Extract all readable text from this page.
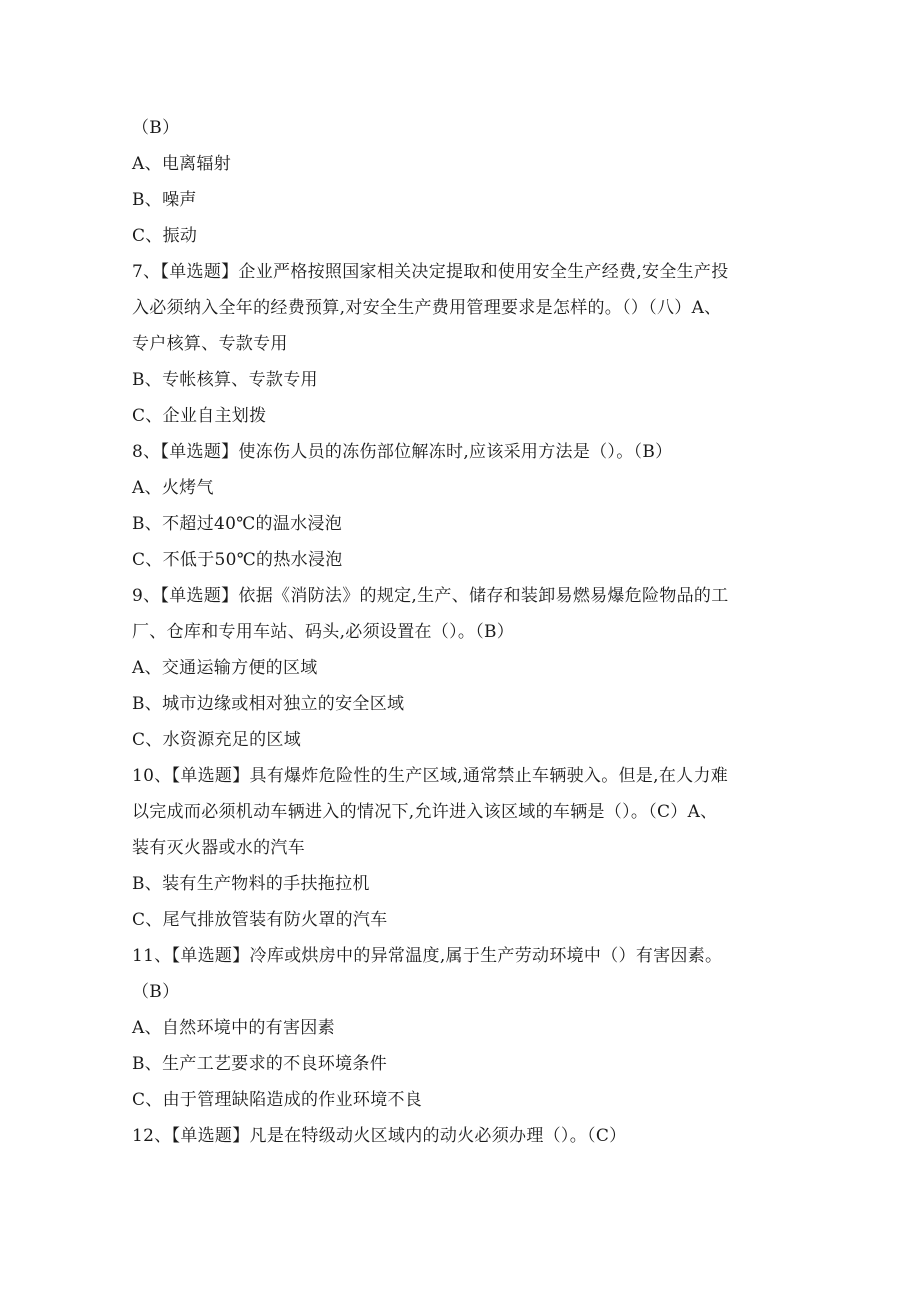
（B）
A、电离辐射
B、噪声
C、振动
7、【单选题】企业严格按照国家相关决定提取和使用安全生产经费,安全生产投
入必须纳入全年的经费预算,对安全生产费用管理要求是怎样的。（）（八）A、
专户核算、专款专用
B、专帐核算、专款专用
C、企业自主划拨
8、【单选题】使冻伤人员的冻伤部位解冻时,应该采用方法是（）。（B）
A、火烤气
B、不超过40℃的温水浸泡
C、不低于50℃的热水浸泡
9、【单选题】依据《消防法》的规定,生产、储存和装卸易燃易爆危险物品的工
厂、仓库和专用车站、码头,必须设置在（）。（B）
A、交通运输方便的区域
B、城市边缘或相对独立的安全区域
C、水资源充足的区域
10、【单选题】具有爆炸危险性的生产区域,通常禁止车辆驶入。但是,在人力难
以完成而必须机动车辆进入的情况下,允许进入该区域的车辆是（）。（C）A、
装有灭火器或水的汽车
B、装有生产物料的手扶拖拉机
C、尾气排放管装有防火罩的汽车
11、【单选题】冷库或烘房中的异常温度,属于生产劳动环境中（）有害因素。
（B）
A、自然环境中的有害因素
B、生产工艺要求的不良环境条件
C、由于管理缺陷造成的作业环境不良
12、【单选题】凡是在特级动火区域内的动火必须办理（）。（C）
